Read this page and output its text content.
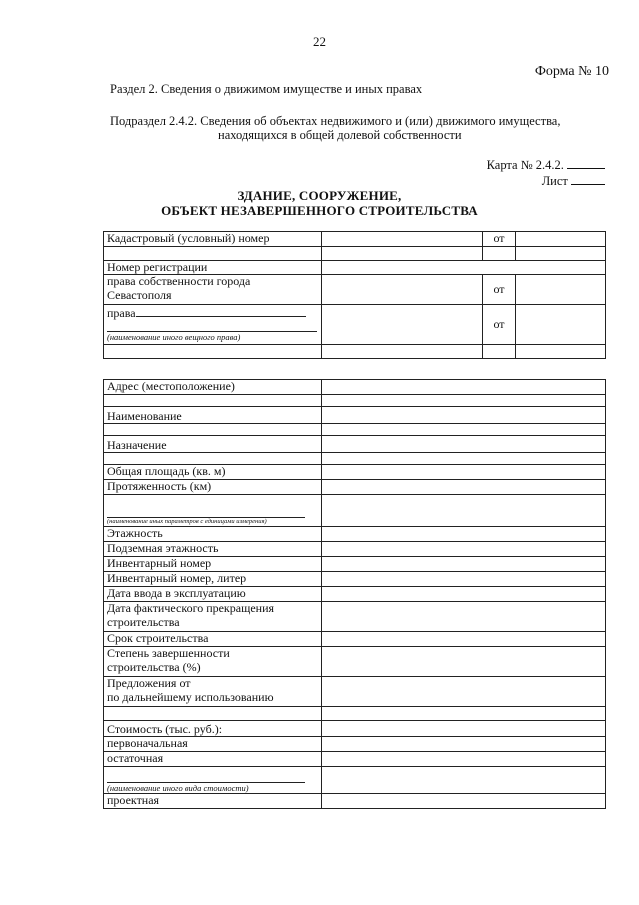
22
Форма № 10
Раздел 2. Сведения о движимом имуществе и иных правах
Подраздел 2.4.2. Сведения об объектах недвижимого и (или) движимого имущества,
находящихся в общей долевой собственности
Карта № 2.4.2.
Лист
ЗДАНИЕ, СООРУЖЕНИЕ,
ОБЪЕКТ НЕЗАВЕРШЕННОГО СТРОИТЕЛЬСТВА
Кадастровый (условный) номер		от	

Номер регистрации			

права собственности города
Севастополя		от	

права
(наименование иного вещного права)		от	

Адрес (местоположение)	

Наименование	

Назначение	

Общая площадь (кв. м)	
Протяженность (км)	

(наименование иных параметров с единицами измерения)	

Этажность	
Подземная этажность	
Инвентарный номер	
Инвентарный номер, литер	
Дата ввода в эксплуатацию	

Дата фактического прекращения
строительства	

Срок строительства	

Степень завершенности
строительства (%)	

Предложения от
по дальнейшему использованию	

Стоимость (тыс. руб.):	
первоначальная	
остаточная	

(наименование иного вида стоимости)	

проектная	
